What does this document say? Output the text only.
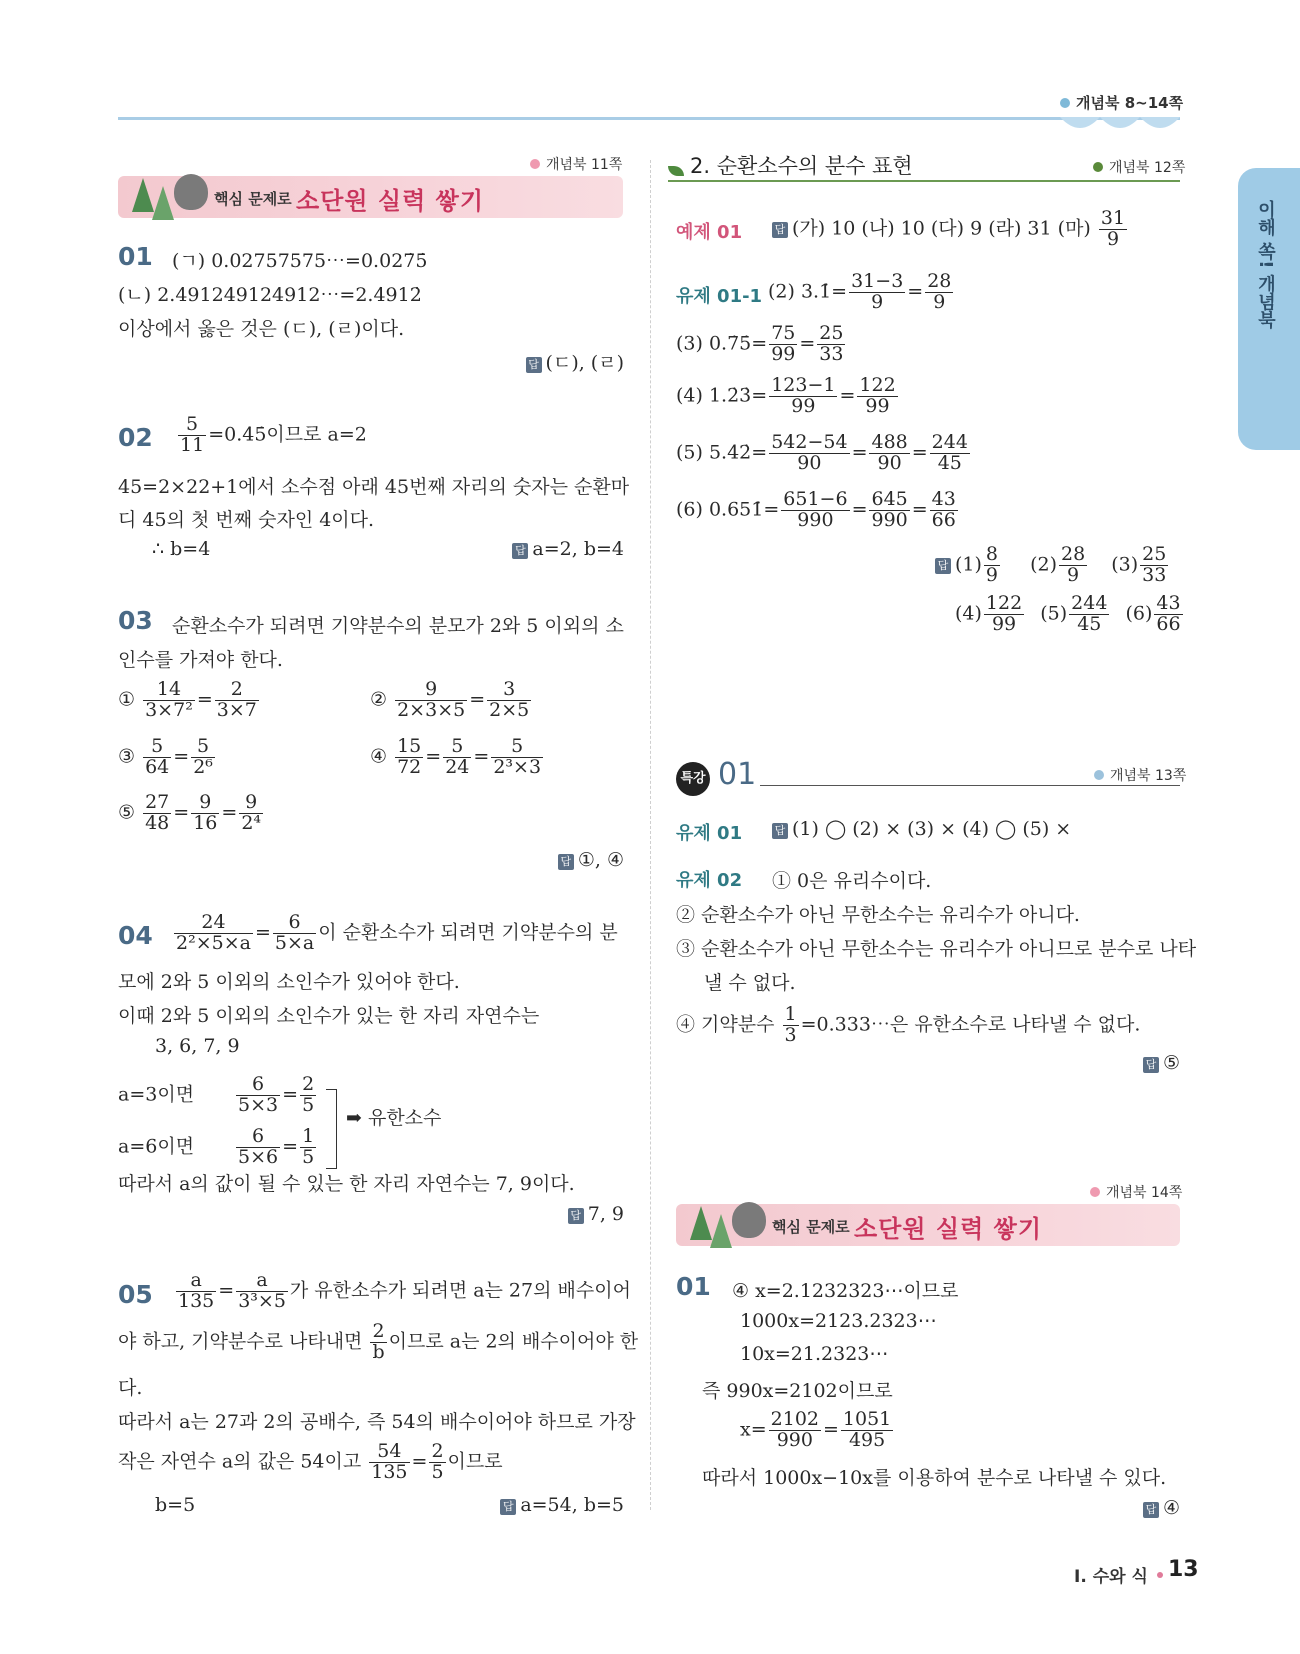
개념북 8~14쪽
이해 쏙! 개념북
개념북 11쪽
핵심 문제로 소단원 실력 쌓기
01 (ㄱ) 0.02757575⋯=0.027̇5̇
(ㄴ) 2.491249124912⋯=2.4̇912̇
이상에서 옳은 것은 (ㄷ), (ㄹ)이다.
답 (ㄷ), (ㄹ)
$02 \frac{5}{11}$ =0.4̇5̇이므로 a=2
45=2×22+1에서 소수점 아래 45번째 자리의 숫자는 순환마
디 45의 첫 번째 숫자인 4이다.
∴ b=4	답 a=2, b=4
03 순환소수가 되려면 기약분수의 분모가 2와 5 이외의 소
인수를 가져야 한다.
① $\frac{14}{\text{3×7²}} = \frac{2}{3\times 7}$	② $\frac{9}{2\times 3\times 5} = \frac{3}{2\times 5}$
③ $\frac{5}{64} = \frac{5}{\text{2⁶}}$	④ $\frac{15}{72} = \frac{5}{24} = \frac{5}{\text{2³×3}}$
⑤ $\frac{27}{48} = \frac{9}{16} = \frac{9}{\text{2⁴}}$
답 ①, ④
$04 \frac{24}{\text{2²×5×a}} = \frac{6}{5\times a}$ 이 순환소수가 되려면 기약분수의 분
모에 2와 5 이외의 소인수가 있어야 한다.
이때 2와 5 이외의 소인수가 있는 한 자리 자연수는
3, 6, 7, 9
a=3이면 $\frac{6}{5\times 3} = \frac{2}{5}$
a=6이면 $\frac{6}{5\times 6} = \frac{1}{5}$
➡ 유한소수
따라서 a의 값이 될 수 있는 한 자리 자연수는 7, 9이다.
답 7, 9
$05 \frac{a}{135} = \frac{a}{\text{3³×5}}$ 가 유한소수가 되려면 a는 27의 배수이어
야 하고, 기약분수로 나타내면 $\frac{2}{b}$ 이므로 a는 2의 배수이어야 한
다.
따라서 a는 27과 2의 공배수, 즉 54의 배수이어야 하므로 가장
작은 자연수 a의 값은 54이고 $\frac{54}{135} = \frac{2}{5}$ 이므로
b=5	답 a=54, b=5
2. 순환소수의 분수 표현	개념북 12쪽
예제 01	답 (가) 10 (나) 10 (다) 9 (라) 31 (마) $\frac{31}{9}$
유제 01-1 (2) 3.1̇= $\frac{31-3}{9} = \frac{28}{9}$
(3) 0.7̇5̇= $\frac{75}{99} = \frac{25}{33}$
(4) 1.2̇3̇= $\frac{123-1}{99} = \frac{122}{99}$
(5) 5.42̇= $\frac{542-54}{90} = \frac{488}{90} = \frac{244}{45}$
(6) 0.651̇= $\frac{651-6}{990} = \frac{645}{990} = \frac{43}{66}$
답 $(1) \frac{8}{9} (2) \frac{28}{9} (3) \frac{25}{33}$
$(4) \frac{122}{99} (5) \frac{244}{45} (6) \frac{43}{66}$
특강 01	개념북 13쪽
유제 01	답 (1) ◯ (2) × (3) × (4) ◯ (5) ×
유제 02 ① 0은 유리수이다.
② 순환소수가 아닌 무한소수는 유리수가 아니다.
③ 순환소수가 아닌 무한소수는 유리수가 아니므로 분수로 나타
낼 수 없다.
④ 기약분수 $\frac{1}{3}$ =0.333⋯은 유한소수로 나타낼 수 없다.
답 ⑤
개념북 14쪽
핵심 문제로 소단원 실력 쌓기
01 ④ x=2.1232323⋯이므로
1000x=2123.2323⋯
10x=21.2323⋯
즉 990x=2102이므로
$x= \frac{2102}{990} = \frac{1051}{495}$
따라서 1000x−10x를 이용하여 분수로 나타낼 수 있다.
답 ④
Ⅰ. 수와 식 13
